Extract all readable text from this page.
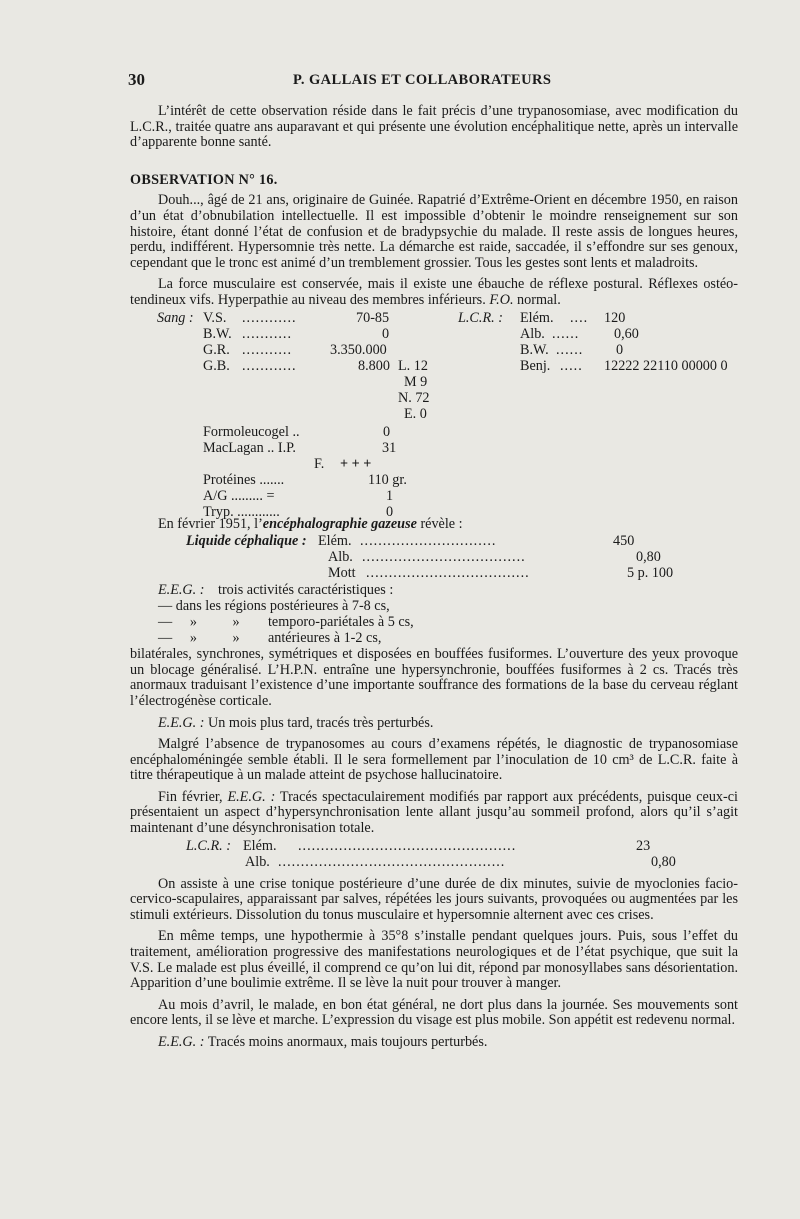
30	P. GALLAIS ET COLLABORATEURS

L’intérêt de cette observation réside dans le fait précis d’une trypanosomiase, avec modification du L.C.R., traitée quatre ans auparavant et qui présente une évolution encéphalitique nette, après un intervalle d’apparente bonne santé.

OBSERVATION N° 16.

Douh..., âgé de 21 ans, originaire de Guinée. Rapatrié d’Extrême-Orient en décembre 1950, en raison d’un état d’obnubilation intellectuelle. Il est impossible d’obtenir le moindre renseignement sur son histoire, étant donné l’état de confusion et de bradypsychie du malade. Il reste assis de longues heures, perdu, indifférent. Hypersomnie très nette. La démarche est raide, saccadée, il s’effondre sur ses genoux, cependant que le tronc est animé d’un tremblement grossier. Tous les gestes sont lents et maladroits.

La force musculaire est conservée, mais il existe une ébauche de réflexe postural. Réflexes ostéo-tendineux vifs. Hyperpathie au niveau des membres inférieurs. F.O. normal.

Sang : V.S. ............	70-85
B.W. ...........	0
G.R. ...........	3.350.000
G.B. ............	8.800 L. 12
M 9
N. 72
E. 0
Formoleucogel ..	0
MacLagan .. I.P.	31
F. + + +
Protéines .......	110 gr.
A/G ......... =	1
Tryp. ............	0
L.C.R. : Elém. .... 120
Alb. ...... 0,60
B.W. ...... 0
Benj. ..... 12222 22110 00000 0

En février 1951, l’encéphalographie gazeuse révèle :

Liquide céphalique : Elém. ..............................	450
Alb. ....................................	0,80
Mott ....................................	5 p. 100
E.E.G. : trois activités caractéristiques :
— dans les régions postérieures à 7-8 cs,
—     »          »        temporo-pariétales à 5 cs,
—     »          »        antérieures à 1-2 cs,

bilatérales, synchrones, symétriques et disposées en bouffées fusiformes. L’ouverture des yeux provoque un blocage généralisé. L’H.P.N. entraîne une hypersynchronie, bouffées fusiformes à 2 cs. Tracés très anormaux traduisant l’existence d’une importante souffrance des formations de la base du cerveau réglant l’électrogénèse corticale.

E.E.G. : Un mois plus tard, tracés très perturbés.

Malgré l’absence de trypanosomes au cours d’examens répétés, le diagnostic de trypanosomiase encéphaloméningée semble établi. Il le sera formellement par l’inoculation de 10 cm³ de L.C.R. faite à titre thérapeutique à un malade atteint de psychose hallucinatoire.

Fin février, E.E.G. : Tracés spectaculairement modifiés par rapport aux précédents, puisque ceux-ci présentaient un aspect d’hypersynchronisation lente allant jusqu’au sommeil profond, alors qu’il s’agit maintenant d’une désynchronisation totale.

L.C.R. : Elém. ................................................	23
Alb. ..................................................	0,80

On assiste à une crise tonique postérieure d’une durée de dix minutes, suivie de myoclonies facio-cervico-scapulaires, apparaissant par salves, répétées les jours suivants, provoquées ou augmentées par les stimuli extérieurs. Dissolution du tonus musculaire et hypersomnie alternent avec ces crises.

En même temps, une hypothermie à 35°8 s’installe pendant quelques jours. Puis, sous l’effet du traitement, amélioration progressive des manifestations neurologiques et de l’état psychique, que suit la V.S. Le malade est plus éveillé, il comprend ce qu’on lui dit, répond par monosyllabes sans désorientation. Apparition d’une boulimie extrême. Il se lève la nuit pour trouver à manger.

Au mois d’avril, le malade, en bon état général, ne dort plus dans la journée. Ses mouvements sont encore lents, il se lève et marche. L’expression du visage est plus mobile. Son appétit est redevenu normal.

E.E.G. : Tracés moins anormaux, mais toujours perturbés.
